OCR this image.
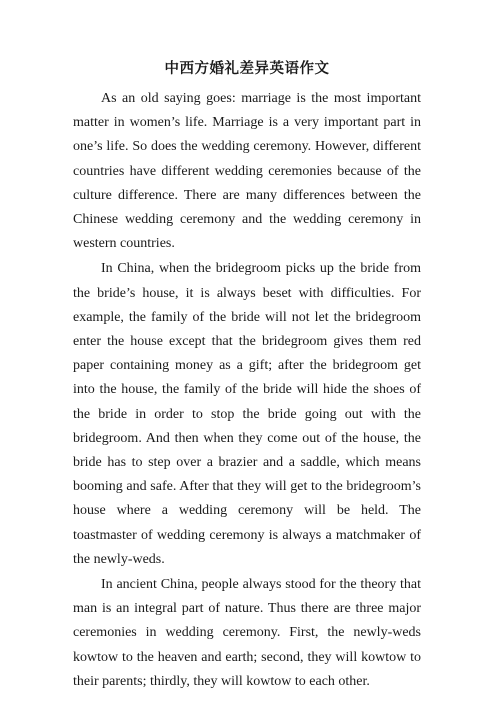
中西方婚礼差异英语作文

As an old saying goes: marriage is the most important matter in women’s life. Marriage is a very important part in one’s life. So does the wedding ceremony. However, different countries have different wedding ceremonies because of the culture difference. There are many differences between the Chinese wedding ceremony and the wedding ceremony in western countries.

In China, when the bridegroom picks up the bride from the bride’s house, it is always beset with difficulties. For example, the family of the bride will not let the bridegroom enter the house except that the bridegroom gives them red paper containing money as a gift; after the bridegroom get into the house, the family of the bride will hide the shoes of the bride in order to stop the bride going out with the bridegroom. And then when they come out of the house, the bride has to step over a brazier and a saddle, which means booming and safe. After that they will get to the bridegroom’s house where a wedding ceremony will be held. The toastmaster of wedding ceremony is always a matchmaker of the newly-weds.

In ancient China, people always stood for the theory that man is an integral part of nature. Thus there are three major ceremonies in wedding ceremony. First, the newly-weds kowtow to the heaven and earth; second, they will kowtow to their parents; thirdly, they will kowtow to each other.
